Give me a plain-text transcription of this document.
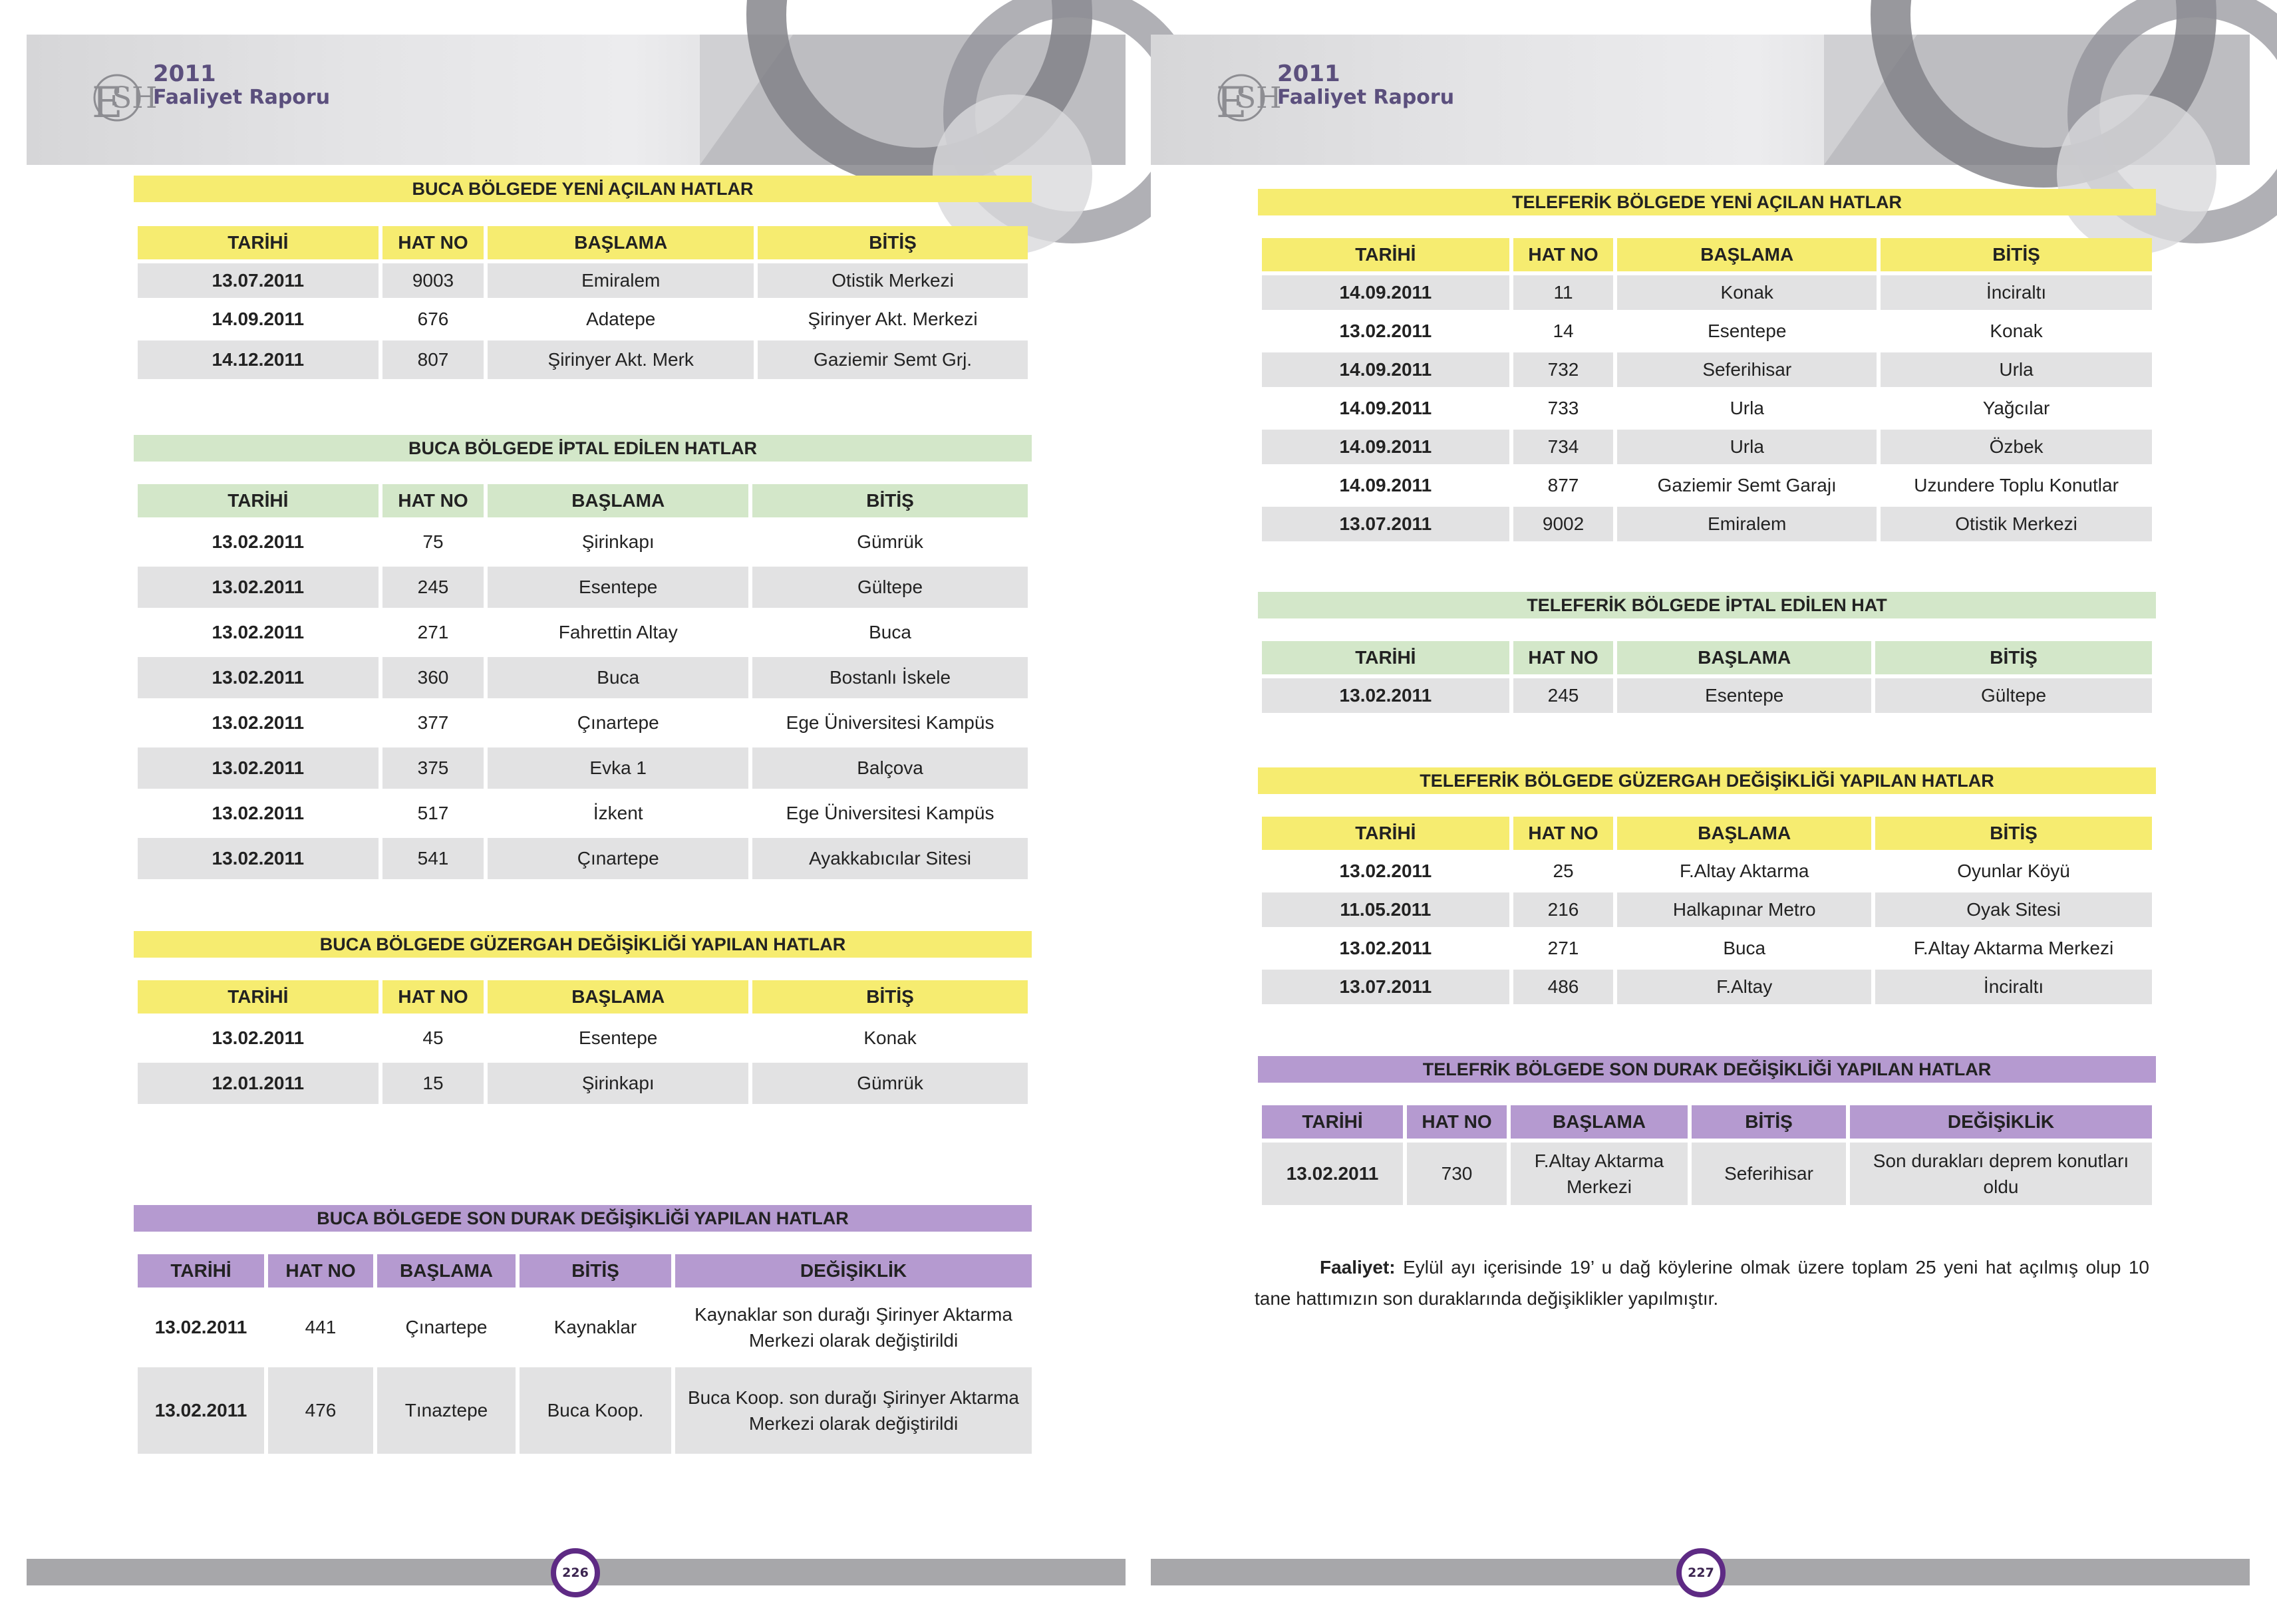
E
SH
2011
Faaliyet Raporu
BUCA BÖLGEDE YENİ AÇILAN HATLAR
TARİHİ	HAT NO	BAŞLAMA	BİTİŞ
13.07.2011	9003	Emiralem	Otistik Merkezi
14.09.2011	676	Adatepe	Şirinyer Akt. Merkezi
14.12.2011	807	Şirinyer Akt. Merk	Gaziemir Semt Grj.
BUCA BÖLGEDE İPTAL EDİLEN HATLAR
TARİHİ	HAT NO	BAŞLAMA	BİTİŞ
13.02.2011	75	Şirinkapı	Gümrük
13.02.2011	245	Esentepe	Gültepe
13.02.2011	271	Fahrettin Altay	Buca
13.02.2011	360	Buca	Bostanlı İskele
13.02.2011	377	Çınartepe	Ege Üniversitesi Kampüs
13.02.2011	375	Evka 1	Balçova
13.02.2011	517	İzkent	Ege Üniversitesi Kampüs
13.02.2011	541	Çınartepe	Ayakkabıcılar Sitesi
BUCA BÖLGEDE GÜZERGAH DEĞİŞİKLİĞİ YAPILAN HATLAR
TARİHİ	HAT NO	BAŞLAMA	BİTİŞ
13.02.2011	45	Esentepe	Konak
12.01.2011	15	Şirinkapı	Gümrük
BUCA BÖLGEDE SON DURAK DEĞİŞİKLİĞİ YAPILAN HATLAR
TARİHİ	HAT NO	BAŞLAMA	BİTİŞ	DEĞİŞİKLİK
13.02.2011	441	Çınartepe	Kaynaklar	Kaynaklar son durağı Şirinyer Aktarma Merkezi olarak değiştirildi
13.02.2011	476	Tınaztepe	Buca Koop.	Buca Koop. son durağı Şirinyer Aktarma Merkezi olarak değiştirildi
226
E
SH
2011
Faaliyet Raporu
TELEFERİK BÖLGEDE YENİ AÇILAN HATLAR
TARİHİ	HAT NO	BAŞLAMA	BİTİŞ
14.09.2011	11	Konak	İnciraltı
13.02.2011	14	Esentepe	Konak
14.09.2011	732	Seferihisar	Urla
14.09.2011	733	Urla	Yağcılar
14.09.2011	734	Urla	Özbek
14.09.2011	877	Gaziemir Semt Garajı	Uzundere Toplu Konutlar
13.07.2011	9002	Emiralem	Otistik Merkezi
TELEFERİK BÖLGEDE İPTAL EDİLEN HAT
TARİHİ	HAT NO	BAŞLAMA	BİTİŞ
13.02.2011	245	Esentepe	Gültepe
TELEFERİK BÖLGEDE GÜZERGAH DEĞİŞİKLİĞİ YAPILAN HATLAR
TARİHİ	HAT NO	BAŞLAMA	BİTİŞ
13.02.2011	25	F.Altay Aktarma	Oyunlar Köyü
11.05.2011	216	Halkapınar Metro	Oyak Sitesi
13.02.2011	271	Buca	F.Altay Aktarma Merkezi
13.07.2011	486	F.Altay	İnciraltı
TELEFRİK BÖLGEDE SON DURAK DEĞİŞİKLİĞİ YAPILAN HATLAR
TARİHİ	HAT NO	BAŞLAMA	BİTİŞ	DEĞİŞİKLİK
13.02.2011	730	F.Altay Aktarma Merkezi	Seferihisar	Son durakları deprem konutları oldu
Faaliyet: Eylül ayı içerisinde 19’ u dağ köylerine olmak üzere toplam 25 yeni hat açılmış olup 10 tane hattımızın son duraklarında değişiklikler yapılmıştır.
227
